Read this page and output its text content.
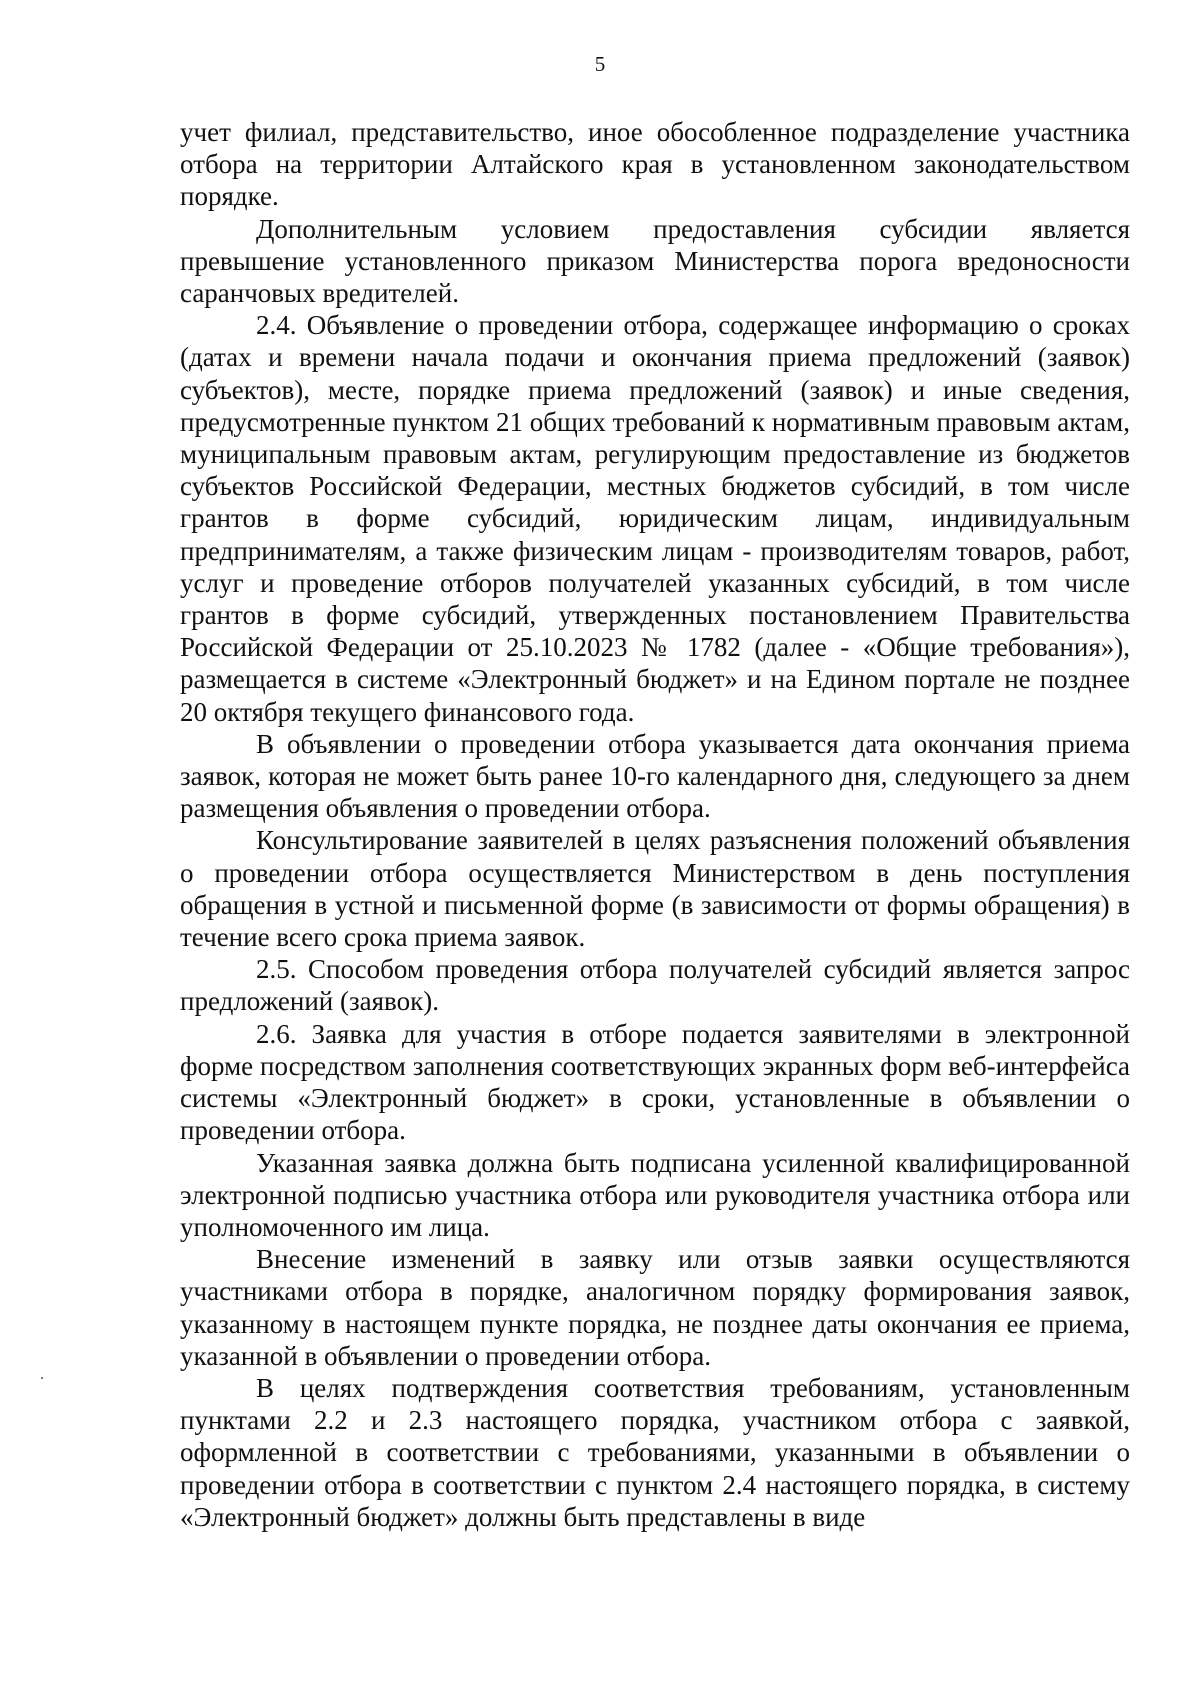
5

учет филиал, представительство, иное обособленное подразделение участника отбора на территории Алтайского края в установленном законодательством порядке.

Дополнительным условием предоставления субсидии является превышение установленного приказом Министерства порога вредоносности саранчовых вредителей.

2.4. Объявление о проведении отбора, содержащее информацию о сроках (датах и времени начала подачи и окончания приема предложений (заявок) субъектов), месте, порядке приема предложений (заявок) и иные сведения, предусмотренные пунктом 21 общих требований к нормативным правовым актам, муниципальным правовым актам, регулирующим предоставление из бюджетов субъектов Российской Федерации, местных бюджетов субсидий, в том числе грантов в форме субсидий, юридическим лицам, индивидуальным предпринимателям, а также физическим лицам - производителям товаров, работ, услуг и проведение отборов получателей указанных субсидий, в том числе грантов в форме субсидий, утвержденных постановлением Правительства Российской Федерации от 25.10.2023 № 1782 (далее - «Общие требования»), размещается в системе «Электронный бюджет» и на Едином портале не позднее 20 октября текущего финансового года.

В объявлении о проведении отбора указывается дата окончания приема заявок, которая не может быть ранее 10-го календарного дня, следующего за днем размещения объявления о проведении отбора.

Консультирование заявителей в целях разъяснения положений объявления о проведении отбора осуществляется Министерством в день поступления обращения в устной и письменной форме (в зависимости от формы обращения) в течение всего срока приема заявок.

2.5. Способом проведения отбора получателей субсидий является запрос предложений (заявок).

2.6. Заявка для участия в отборе подается заявителями в электронной форме посредством заполнения соответствующих экранных форм веб-интерфейса системы «Электронный бюджет» в сроки, установленные в объявлении о проведении отбора.

Указанная заявка должна быть подписана усиленной квалифицированной электронной подписью участника отбора или руководителя участника отбора или уполномоченного им лица.

Внесение изменений в заявку или отзыв заявки осуществляются участниками отбора в порядке, аналогичном порядку формирования заявок, указанному в настоящем пункте порядка, не позднее даты окончания ее приема, указанной в объявлении о проведении отбора.

В целях подтверждения соответствия требованиям, установленным пунктами 2.2 и 2.3 настоящего порядка, участником отбора с заявкой, оформленной в соответствии с требованиями, указанными в объявлении о проведении отбора в соответствии с пунктом 2.4 настоящего порядка, в систему «Электронный бюджет» должны быть представлены в виде
